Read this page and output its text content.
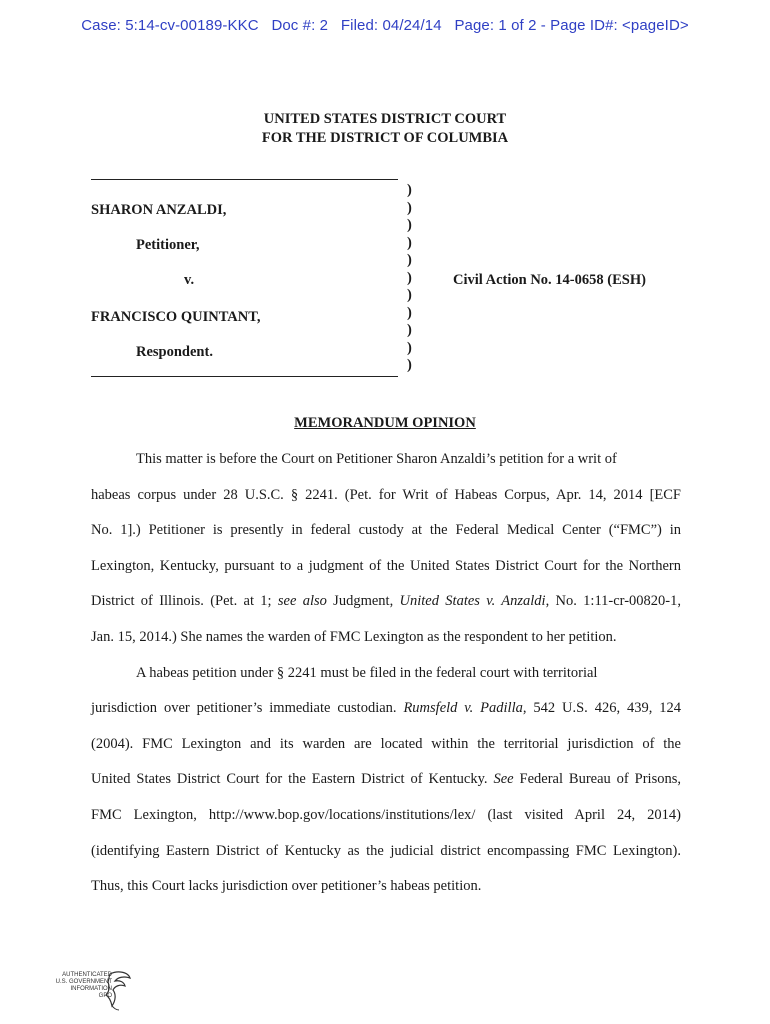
Case: 5:14-cv-00189-KKC   Doc #: 2   Filed: 04/24/14   Page: 1 of 2 - Page ID#: <pageID>
UNITED STATES DISTRICT COURT
FOR THE DISTRICT OF COLUMBIA
)
)
)
)
)
)
)
)
)
)
)
SHARON ANZALDI,
Petitioner,
v.
FRANCISCO QUINTANT,
Respondent.
Civil Action No. 14-0658 (ESH)
MEMORANDUM OPINION
This matter is before the Court on Petitioner Sharon Anzaldi’s petition for a writ of
habeas corpus under 28 U.S.C. § 2241. (Pet. for Writ of Habeas Corpus, Apr. 14, 2014 [ECF
No. 1].) Petitioner is presently in federal custody at the Federal Medical Center (“FMC”) in
Lexington, Kentucky, pursuant to a judgment of the United States District Court for the Northern
District of Illinois. (Pet. at 1; see also Judgment, United States v. Anzaldi, No. 1:11-cr-00820-1,
Jan. 15, 2014.) She names the warden of FMC Lexington as the respondent to her petition.
A habeas petition under § 2241 must be filed in the federal court with territorial
jurisdiction over petitioner’s immediate custodian. Rumsfeld v. Padilla, 542 U.S. 426, 439, 124
(2004). FMC Lexington and its warden are located within the territorial jurisdiction of the
United States District Court for the Eastern District of Kentucky. See Federal Bureau of Prisons,
FMC Lexington, http://www.bop.gov/locations/institutions/lex/ (last visited April 24, 2014)
(identifying Eastern District of Kentucky as the judicial district encompassing FMC Lexington).
Thus, this Court lacks jurisdiction over petitioner’s habeas petition.
AUTHENTICATED
U.S. GOVERNMENT
INFORMATION
GPO
